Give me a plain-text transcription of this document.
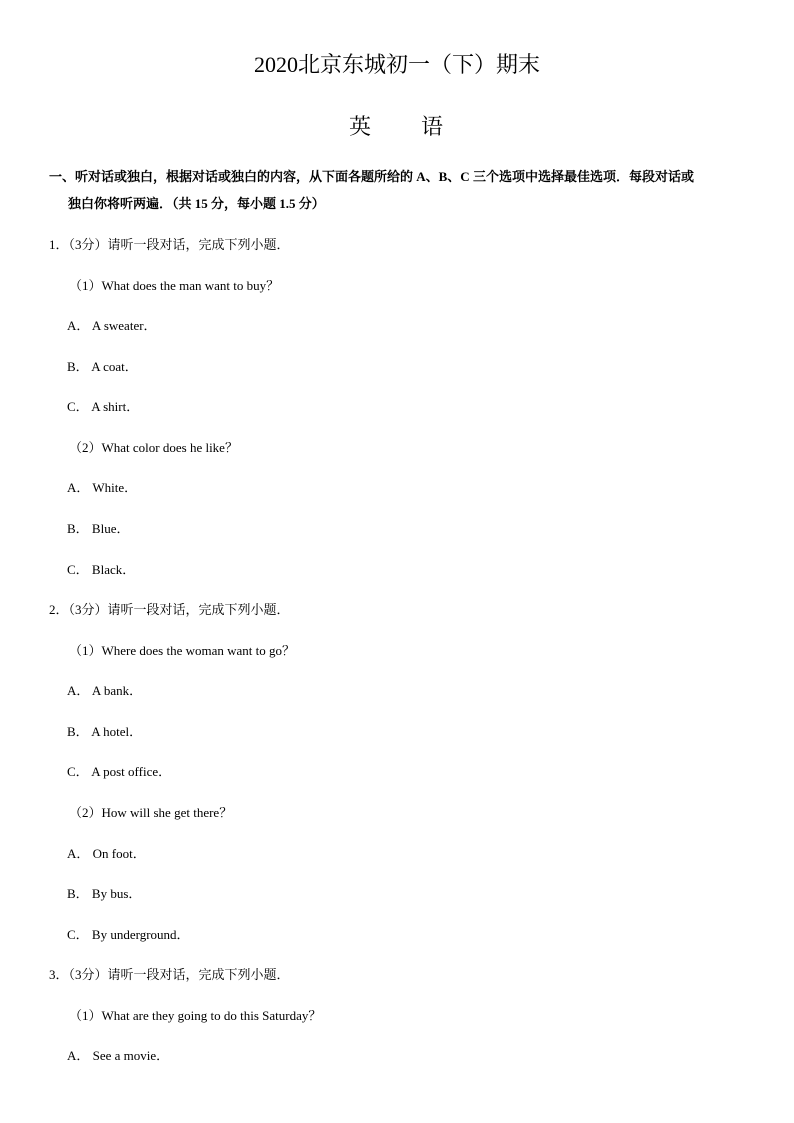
2020北京东城初一（下）期末
英 语
一、听对话或独白，根据对话或独白的内容，从下面各题所给的 A、B、C 三个选项中选择最佳选项．每段对话或
独白你将听两遍．（共 15 分，每小题 1.5 分）
1．（3分）请听一段对话，完成下列小题．
（1）What does the man want to buy？
A． A sweater．
B． A coat．
C． A shirt．
（2）What color does he like？
A． White．
B． Blue．
C． Black．
2．（3分）请听一段对话，完成下列小题．
（1）Where does the woman want to go？
A． A bank．
B． A hotel．
C． A post office．
（2）How will she get there？
A． On foot．
B． By bus．
C． By underground．
3．（3分）请听一段对话，完成下列小题．
（1）What are they going to do this Saturday？
A． See a movie．
